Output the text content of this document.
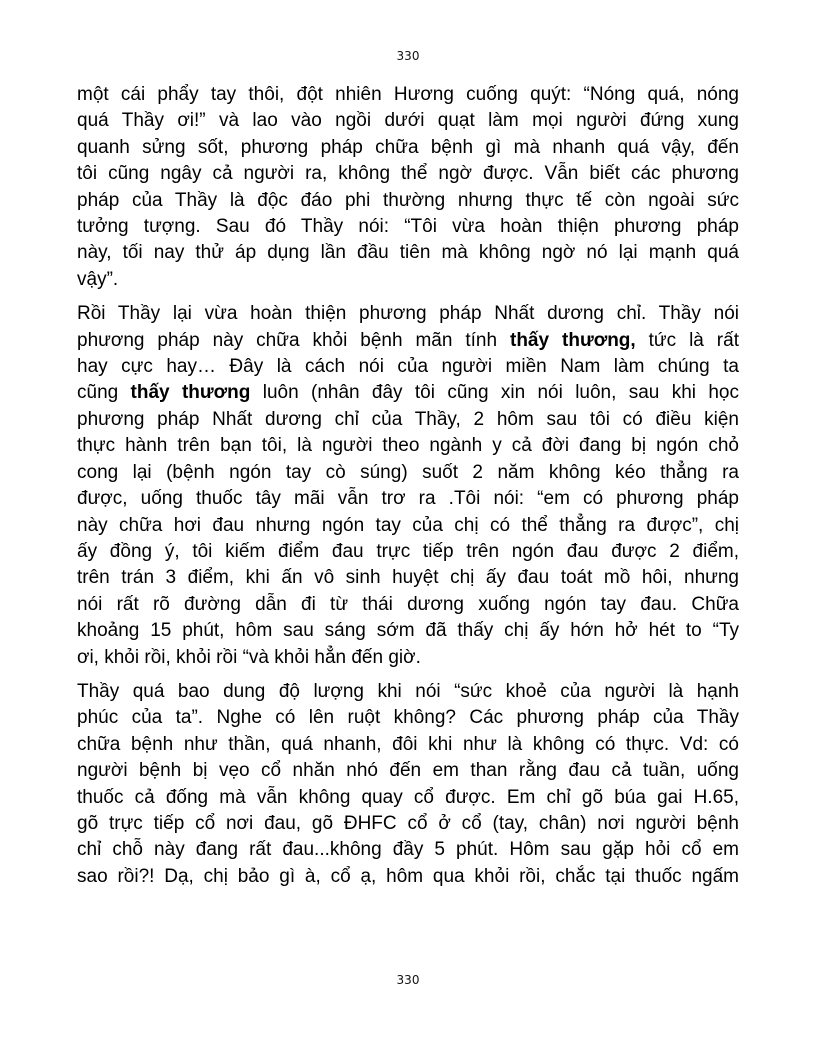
330

một cái phẩy tay thôi, đột nhiên Hương cuống quýt: “Nóng quá, nóng
quá Thầy ơi!” và lao vào ngồi dưới quạt làm mọi người đứng xung
quanh sửng sốt, phương pháp chữa bệnh gì mà nhanh quá vậy, đến
tôi cũng ngây cả người ra, không thể ngờ được. Vẫn biết các phương
pháp của Thầy là độc đáo phi thường nhưng thực tế còn ngoài sức
tưởng tượng. Sau đó Thầy nói: “Tôi vừa hoàn thiện phương pháp
này, tối nay thử áp dụng lần đầu tiên mà không ngờ nó lại mạnh quá
vậy”.

Rồi Thầy lại vừa hoàn thiện phương pháp Nhất dương chỉ. Thầy nói
phương pháp này chữa khỏi bệnh mãn tính thấy thương, tức là rất
hay cực hay… Đây là cách nói của người miền Nam làm chúng ta
cũng thấy thương luôn (nhân đây tôi cũng xin nói luôn, sau khi học
phương pháp Nhất dương chỉ của Thầy, 2 hôm sau tôi có điều kiện
thực hành trên bạn tôi, là người theo ngành y cả đời đang bị ngón chỏ
cong lại (bệnh ngón tay cò súng) suốt 2 năm không kéo thẳng ra
được, uống thuốc tây mãi vẫn trơ ra .Tôi nói: “em có phương pháp
này chữa hơi đau nhưng ngón tay của chị có thể thẳng ra được”, chị
ấy đồng ý, tôi kiếm điểm đau trực tiếp trên ngón đau được 2 điểm,
trên trán 3 điểm, khi ấn vô sinh huyệt chị ấy đau toát mồ hôi, nhưng
nói rất rõ đường dẫn đi từ thái dương xuống ngón tay đau. Chữa
khoảng 15 phút, hôm sau sáng sớm đã thấy chị ấy hớn hở hét to “Ty
ơi, khỏi rồi, khỏi rồi “và khỏi hẳn đến giờ.

Thầy quá bao dung độ lượng khi nói “sức khoẻ của người là hạnh
phúc của ta”. Nghe có lên ruột không? Các phương pháp của Thầy
chữa bệnh như thần, quá nhanh, đôi khi như là không có thực. Vd: có
người bệnh bị vẹo cổ nhăn nhó đến em than rằng đau cả tuần, uống
thuốc cả đống mà vẫn không quay cổ được. Em chỉ gõ búa gai H.65,
gõ trực tiếp cổ nơi đau, gõ ĐHFC cổ ở cổ (tay, chân) nơi người bệnh
chỉ chỗ này đang rất đau...không đầy 5 phút. Hôm sau gặp hỏi cổ em
sao rồi?! Dạ, chị bảo gì à, cổ ạ, hôm qua khỏi rồi, chắc tại thuốc ngấm

330
